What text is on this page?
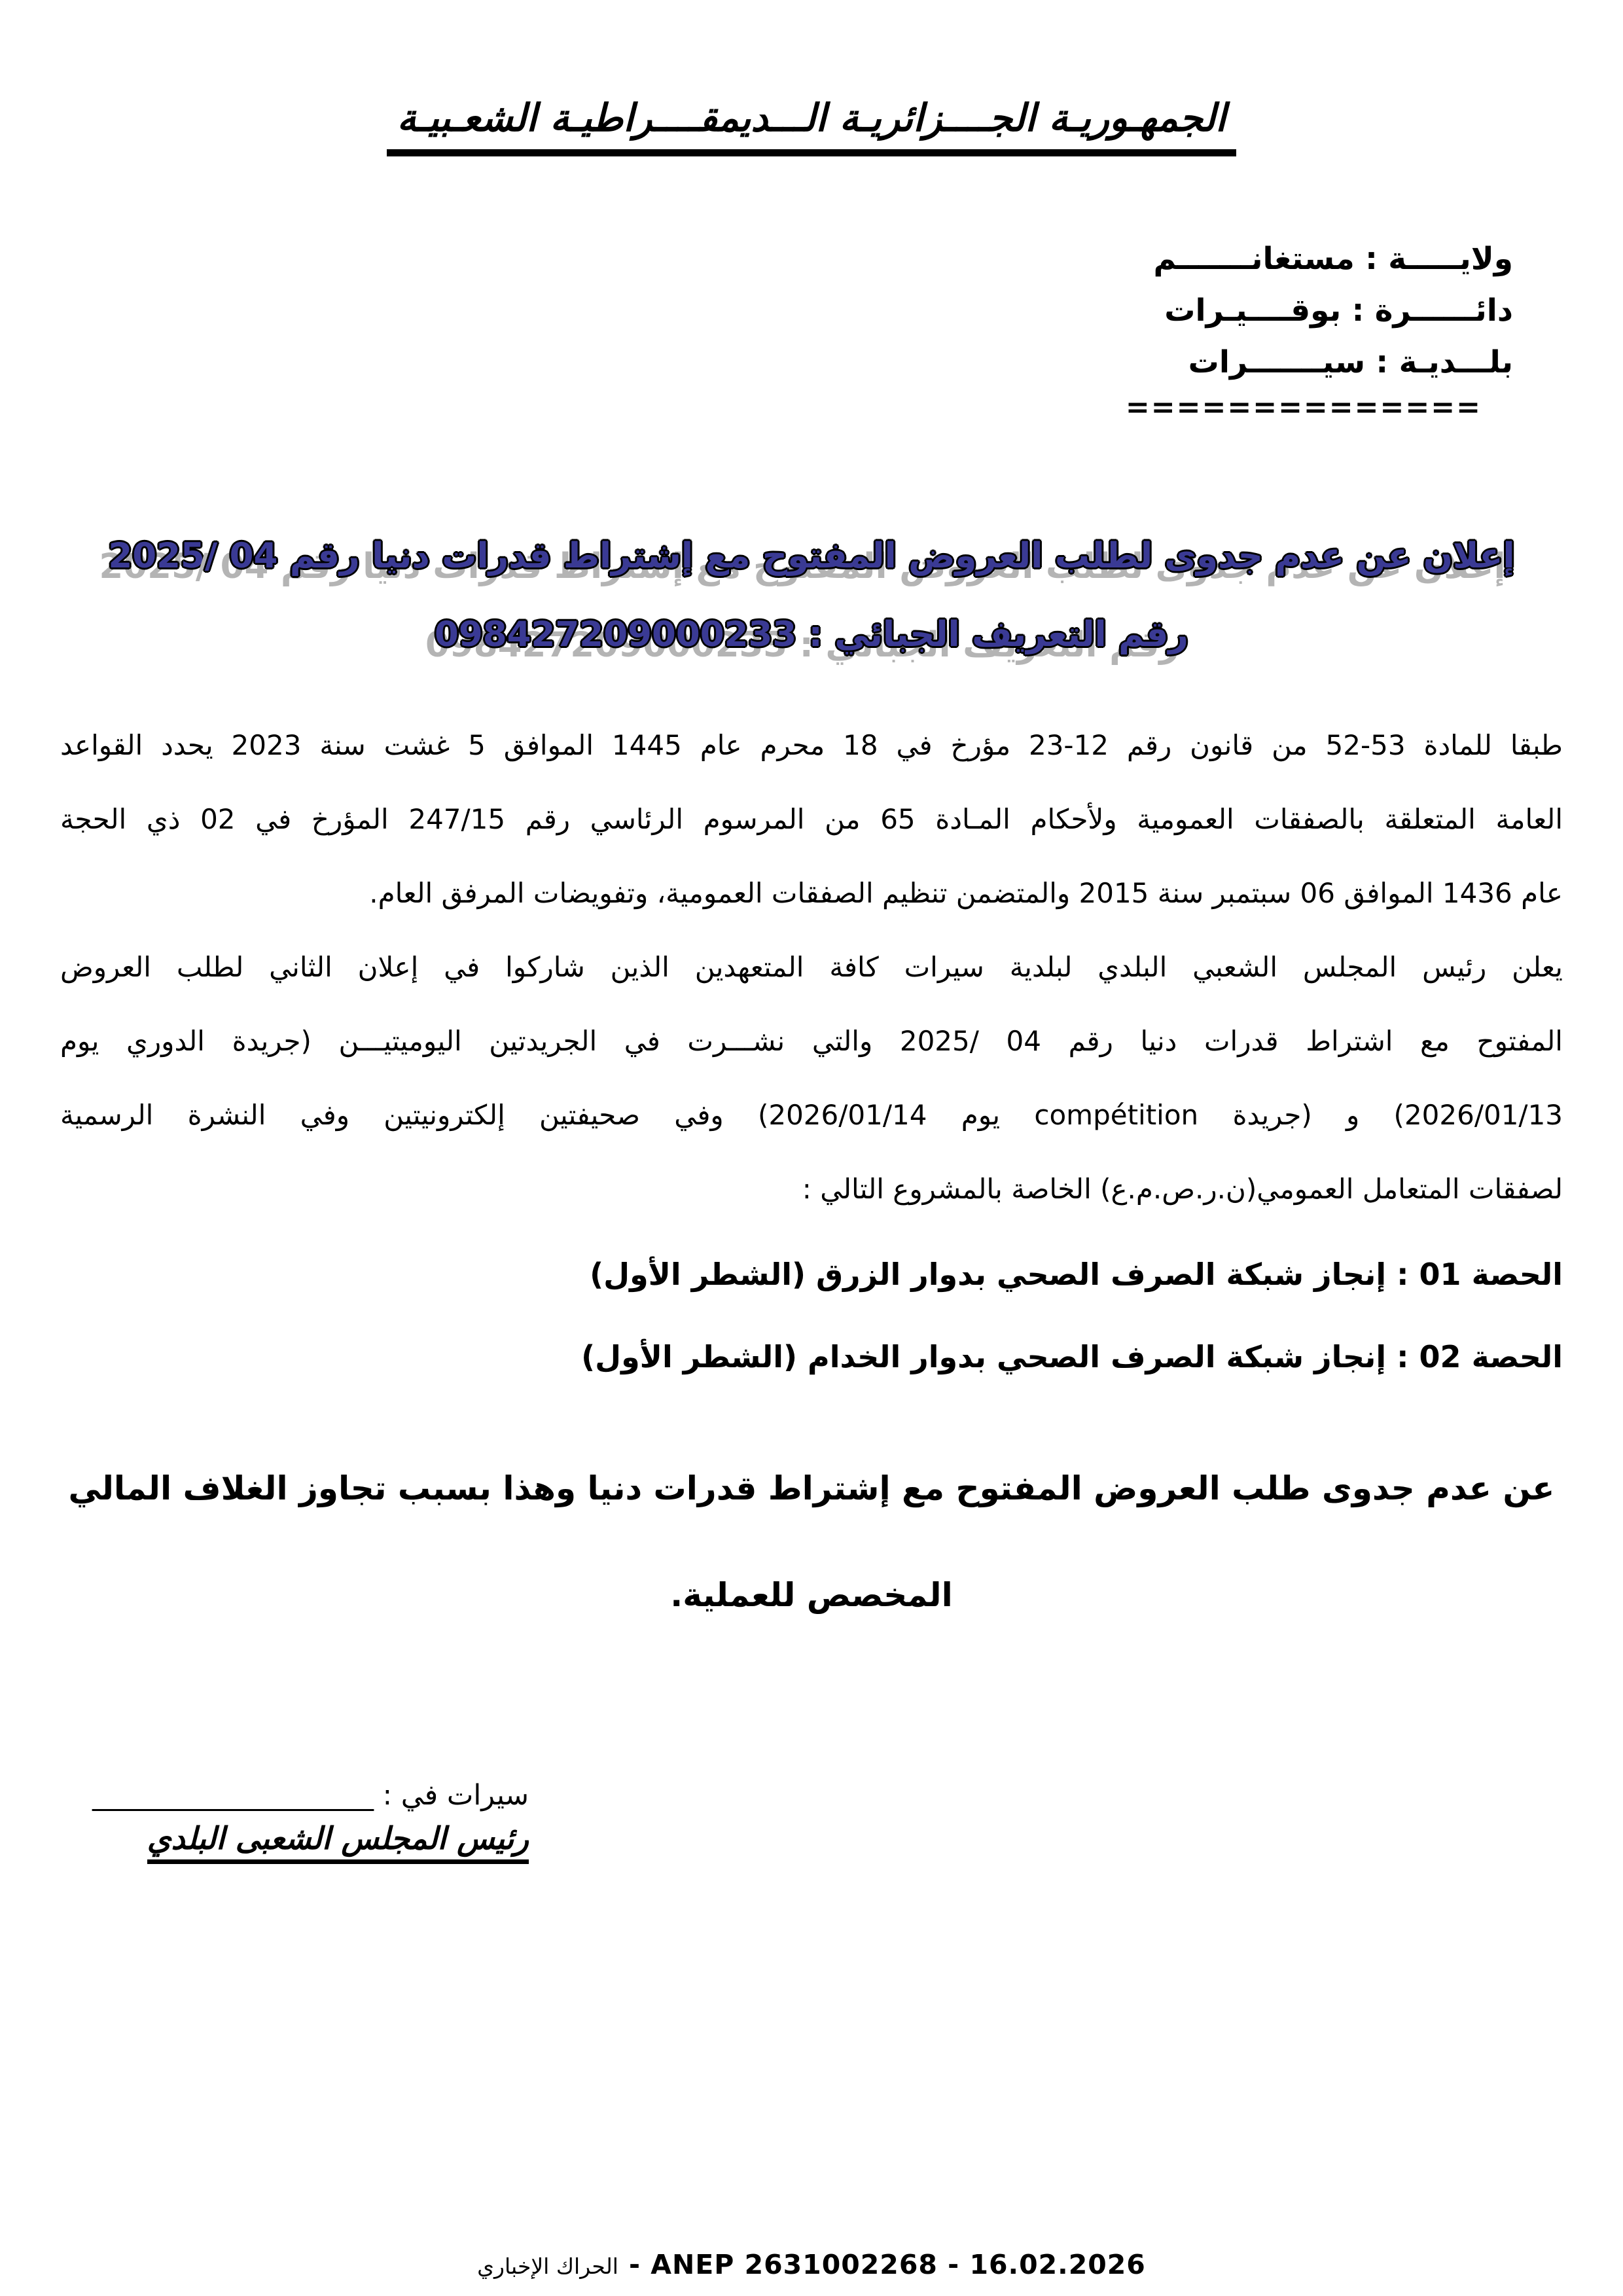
الجمهـوريـة الجــــزائريـة الـــديمقــــراطيـة الشعـبيـة
ولايـــــة : مستغانـــــــم
دائــــــرة : بوقــــيـرات
بلـــديـة : سيـــــــرات
==============
إعلان عن عدم جدوى لطلب العروض المفتوح مع إشتراط قدرات دنيا رقم 04 /2025
رقم التعريف الجبائي : 098427209000233
طبقا للمادة 53-52 من قانون رقم 12-23 مؤرخ في 18 محرم عام 1445 الموافق 5 غشت سنة 2023 يحدد القواعد
العامة المتعلقة بالصفقات العمومية ولأحكام المـادة 65 من المرسوم الرئاسي رقم 247/15 المؤرخ في 02 ذي الحجة
عام 1436 الموافق 06 سبتمبر سنة 2015 والمتضمن تنظيم الصفقات العمومية، وتفويضات المرفق العام.
يعلن رئيس المجلس الشعبي البلدي لبلدية سيرات كافة المتعهدين الذين شاركوا في إعلان الثاني لطلب العروض
المفتوح مع اشتراط قدرات دنيا رقم 04 /2025 والتي نشـــرت في الجريدتين اليوميتيـــن (جريدة الدوري يوم
2026/01/13) و (جريدة compétition يوم 2026/01/14) وفي صحيفتين إلكترونيتين وفي النشرة الرسمية
لصفقات المتعامل العمومي(ن.ر.ص.م.ع) الخاصة بالمشروع التالي :
الحصة 01 : إنجاز شبكة الصرف الصحي بدوار الزرق (الشطر الأول)
الحصة 02 : إنجاز شبكة الصرف الصحي بدوار الخدام (الشطر الأول)
عن عدم جدوى طلب العروض المفتوح مع إشتراط قدرات دنيا وهذا بسبب تجاوز الغلاف المالي
المخصص للعملية.
سيرات في : ____________________
رئيس المجلس الشعبى البلدي
الحراك الإخباري - ANEP 2631002268 - 16.02.2026
